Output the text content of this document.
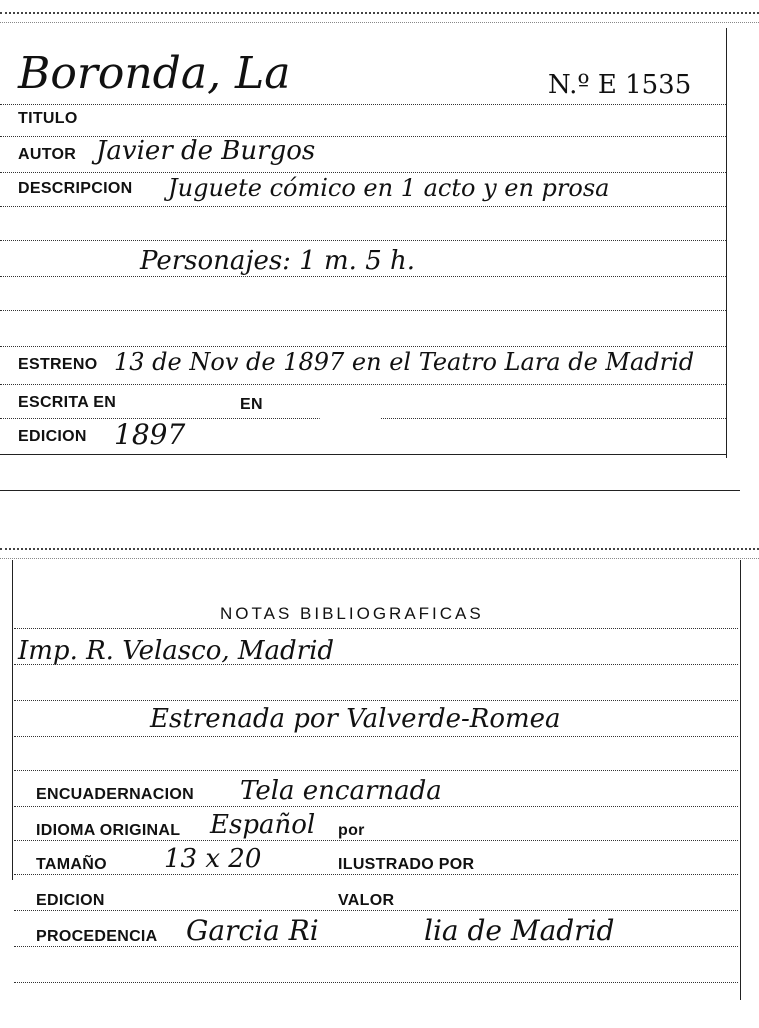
Boronda, La	N.º E 1535
TITULO
AUTOR Javier de Burgos
DESCRIPCION Juguete cómico en 1 acto y en prosa
Personajes: 1 m. 5 h.
ESTRENO 13 de Nov de 1897 en el Teatro Lara de Madrid
ESCRITA EN	EN
EDICION 1897
NOTAS BIBLIOGRAFICAS
Imp. R. Velasco, Madrid
Estrenada por Valverde-Romea
ENCUADERNACION Tela encarnada
IDIOMA ORIGINAL Español por
TAMAÑO 13 x 20	ILUSTRADO POR
EDICION	VALOR
PROCEDENCIA Garcia Ri	lia de Madrid
